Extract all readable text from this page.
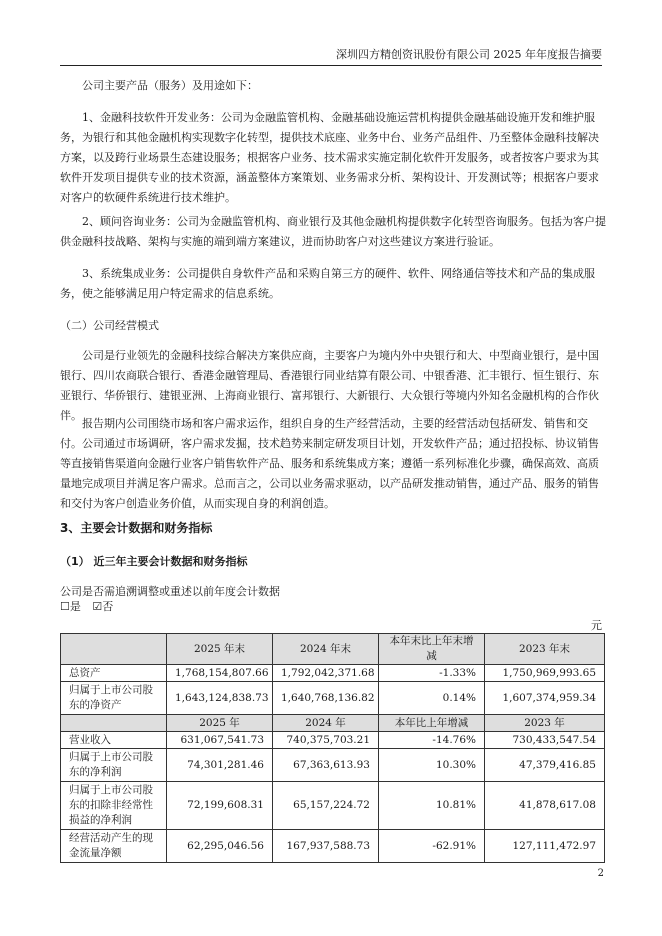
深圳四方精创资讯股份有限公司 2025 年年度报告摘要

公司主要产品（服务）及用途如下：

1、金融科技软件开发业务：公司为金融监管机构、金融基础设施运营机构提供金融基础设施开发和维护服务，为银行和其他金融机构实现数字化转型，提供技术底座、业务中台、业务产品组件、乃至整体金融科技解决方案，以及跨行业场景生态建设服务；根据客户业务、技术需求实施定制化软件开发服务，或者按客户要求为其软件开发项目提供专业的技术资源，涵盖整体方案策划、业务需求分析、架构设计、开发测试等；根据客户要求对客户的软硬件系统进行技术维护。

2、顾问咨询业务：公司为金融监管机构、商业银行及其他金融机构提供数字化转型咨询服务。包括为客户提供金融科技战略、架构与实施的端到端方案建议，进而协助客户对这些建议方案进行验证。

3、系统集成业务：公司提供自身软件产品和采购自第三方的硬件、软件、网络通信等技术和产品的集成服务，使之能够满足用户特定需求的信息系统。

（二）公司经营模式

公司是行业领先的金融科技综合解决方案供应商，主要客户为境内外中央银行和大、中型商业银行，是中国银行、四川农商联合银行、香港金融管理局、香港银行同业结算有限公司、中银香港、汇丰银行、恒生银行、东亚银行、华侨银行、建银亚洲、上海商业银行、富邦银行、大新银行、大众银行等境内外知名金融机构的合作伙伴。

报告期内公司围绕市场和客户需求运作，组织自身的生产经营活动，主要的经营活动包括研发、销售和交付。公司通过市场调研，客户需求发掘，技术趋势来制定研发项目计划，开发软件产品；通过招投标、协议销售等直接销售渠道向金融行业客户销售软件产品、服务和系统集成方案；遵循一系列标准化步骤，确保高效、高质量地完成项目并满足客户需求。总而言之，公司以业务需求驱动，以产品研发推动销售，通过产品、服务的销售和交付为客户创造业务价值，从而实现自身的利润创造。

3、主要会计数据和财务指标

（1） 近三年主要会计数据和财务指标

公司是否需追溯调整或重述以前年度会计数据

☐是 ☑否

元

	2025 年末	2024 年末	本年末比上年末增减	2023 年末
总资产	1,768,154,807.66	1,792,042,371.68	-1.33%	1,750,969,993.65
归属于上市公司股东的净资产	1,643,124,838.73	1,640,768,136.82	0.14%	1,607,374,959.34
	2025 年	2024 年	本年比上年增减	2023 年
营业收入	631,067,541.73	740,375,703.21	-14.76%	730,433,547.54
归属于上市公司股东的净利润	74,301,281.46	67,363,613.93	10.30%	47,379,416.85
归属于上市公司股东的扣除非经常性损益的净利润	72,199,608.31	65,157,224.72	10.81%	41,878,617.08
经营活动产生的现金流量净额	62,295,046.56	167,937,588.73	-62.91%	127,111,472.97
2
